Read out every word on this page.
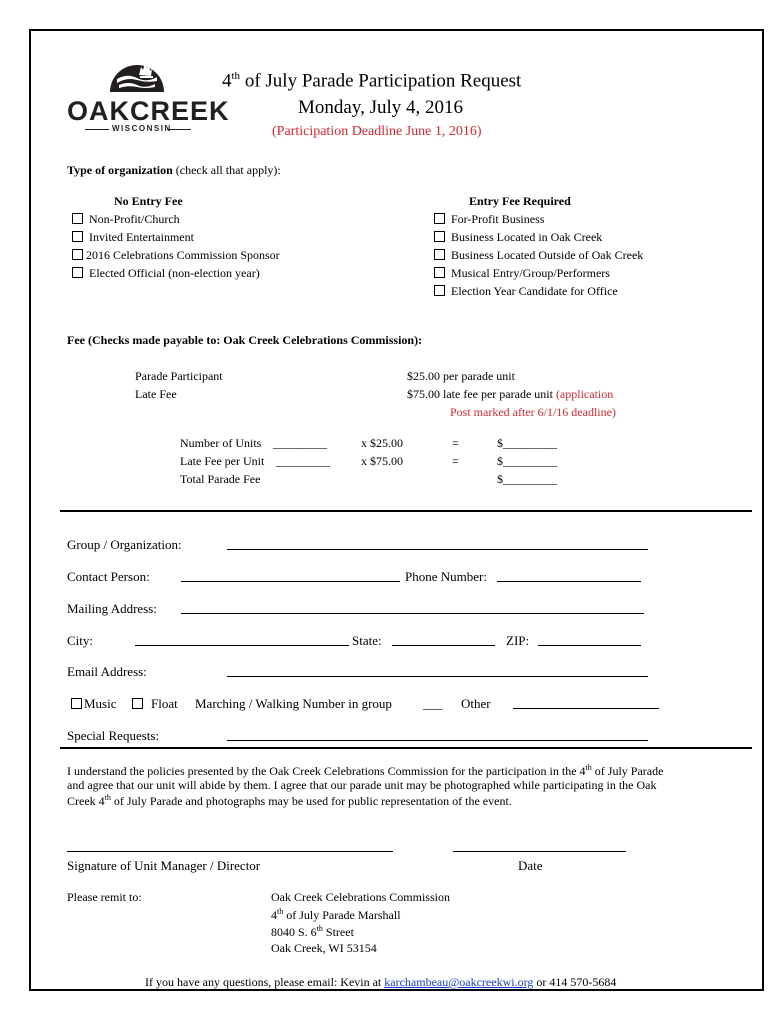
OAKCREEK
WISCONSIN
4th of July Parade Participation Request
Monday, July 4, 2016
(Participation Deadline June 1, 2016)
Type of organization (check all that apply):
No Entry Fee
Non-Profit/Church
Invited Entertainment
2016 Celebrations Commission Sponsor
Elected Official (non-election year)
Entry Fee Required
For-Profit Business
Business Located in Oak Creek
Business Located Outside of Oak Creek
Musical Entry/Group/Performers
Election Year Candidate for Office
Fee (Checks made payable to: Oak Creek Celebrations Commission):
Parade Participant	$25.00 per parade unit
Late Fee	$75.00 late fee per parade unit (application
Post marked after 6/1/16 deadline)
Number of Units _________	x $25.00	=	$_________
Late Fee per Unit _________	x $75.00	=	$_________
Total Parade Fee	$_________
Group / Organization:
Contact Person:	Phone Number:
Mailing Address:
City:	State:	ZIP:
Email Address:
Music	Float Marching / Walking Number in group ___ Other
Special Requests:
I understand the policies presented by the Oak Creek Celebrations Commission for the participation in the 4th of July Parade
and agree that our unit will abide by them. I agree that our parade unit may be photographed while participating in the Oak
Creek 4th of July Parade and photographs may be used for public representation of the event.
Signature of Unit Manager / Director	Date
Please remit to:	Oak Creek Celebrations Commission
4th of July Parade Marshall
8040 S. 6th Street
Oak Creek, WI 53154
If you have any questions, please email: Kevin at karchambeau@oakcreekwi.org or 414 570-5684
